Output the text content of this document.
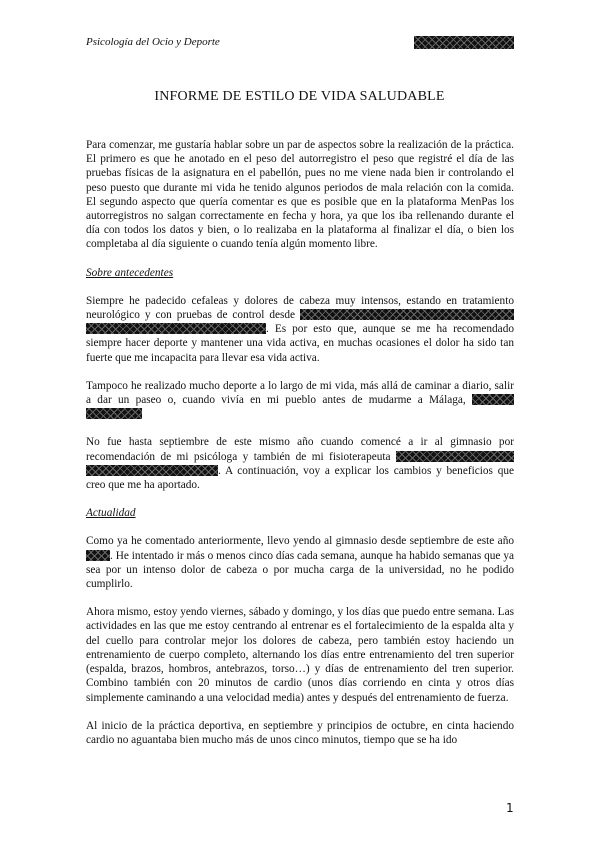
Psicología del Ocio y Deporte
INFORME DE ESTILO DE VIDA SALUDABLE

Para comenzar, me gustaría hablar sobre un par de aspectos sobre la realización de la práctica. El primero es que he anotado en el peso del autorregistro el peso que registré el día de las pruebas físicas de la asignatura en el pabellón, pues no me viene nada bien ir controlando el peso puesto que durante mi vida he tenido algunos periodos de mala relación con la comida. El segundo aspecto que quería comentar es que es posible que en la plataforma MenPas los autorregistros no salgan correctamente en fecha y hora, ya que los iba rellenando durante el día con todos los datos y bien, o lo realizaba en la plataforma al finalizar el día, o bien los completaba al día siguiente o cuando tenía algún momento libre.

Sobre antecedentes

Siempre he padecido cefaleas y dolores de cabeza muy intensos, estando en tratamiento neurológico y con pruebas de control desde  . Es por esto que, aunque se me ha recomendado siempre hacer deporte y mantener una vida activa, en muchas ocasiones el dolor ha sido tan fuerte que me incapacita para llevar esa vida activa.

Tampoco he realizado mucho deporte a lo largo de mi vida, más allá de caminar a diario, salir a dar un paseo o, cuando vivía en mi pueblo antes de mudarme a Málaga,

No fue hasta septiembre de este mismo año cuando comencé a ir al gimnasio por recomendación de mi psicóloga y también de mi fisioterapeuta  . A continuación, voy a explicar los cambios y beneficios que creo que me ha aportado.

Actualidad

Como ya he comentado anteriormente, llevo yendo al gimnasio desde septiembre de este año . He intentado ir más o menos cinco días cada semana, aunque ha habido semanas que ya sea por un intenso dolor de cabeza o por mucha carga de la universidad, no he podido cumplirlo.

Ahora mismo, estoy yendo viernes, sábado y domingo, y los días que puedo entre semana. Las actividades en las que me estoy centrando al entrenar es el fortalecimiento de la espalda alta y del cuello para controlar mejor los dolores de cabeza, pero también estoy haciendo un entrenamiento de cuerpo completo, alternando los días entre entrenamiento del tren superior (espalda, brazos, hombros, antebrazos, torso…) y días de entrenamiento del tren superior. Combino también con 20 minutos de cardio (unos días corriendo en cinta y otros días simplemente caminando a una velocidad media) antes y después del entrenamiento de fuerza.

Al inicio de la práctica deportiva, en septiembre y principios de octubre, en cinta haciendo cardio no aguantaba bien mucho más de unos cinco minutos, tiempo que se ha ido

1
